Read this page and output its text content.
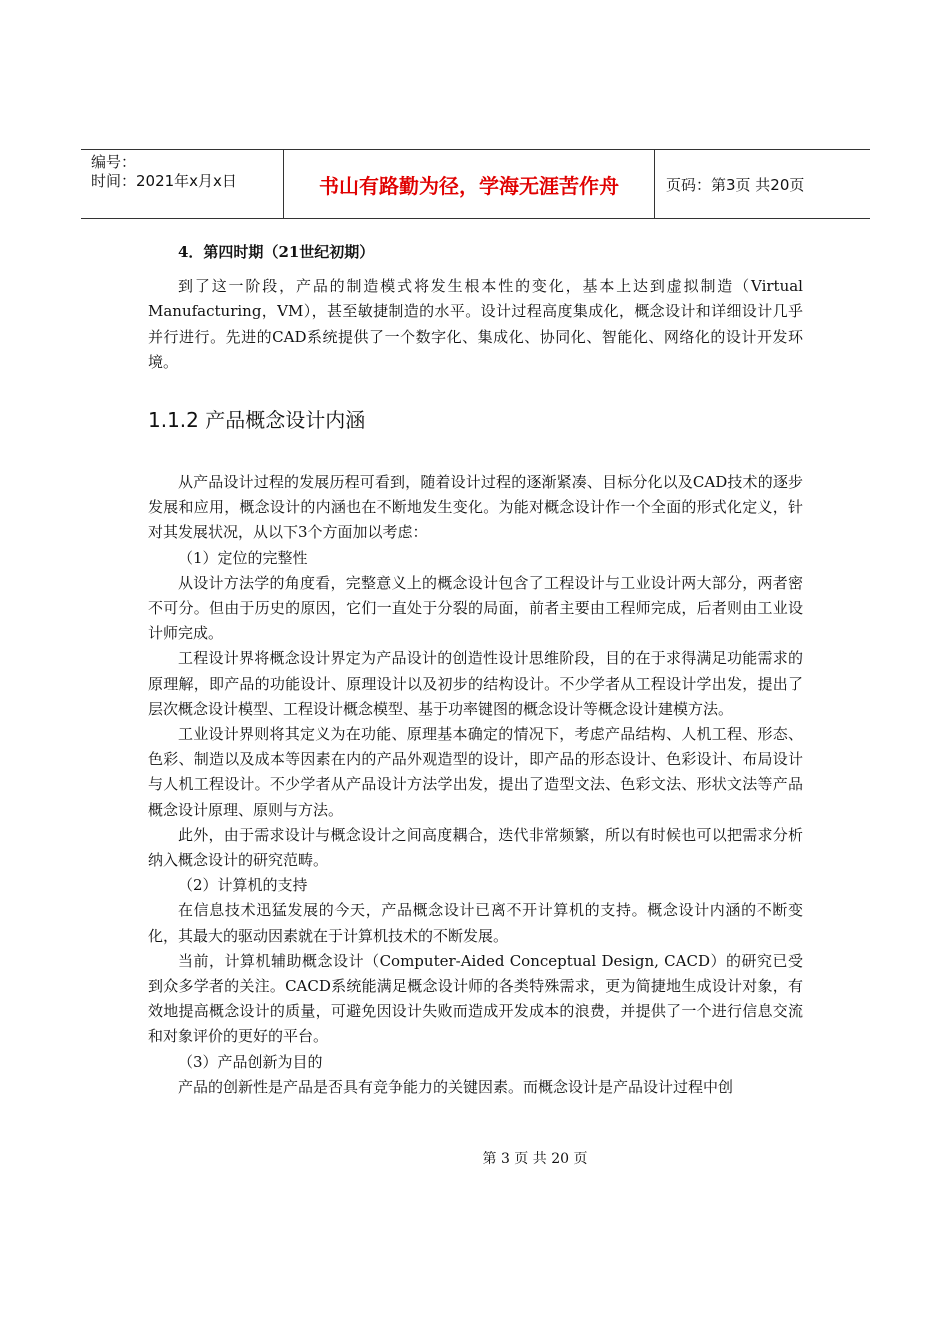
编号：
时间：2021年x月x日	书山有路勤为径，学海无涯苦作舟	页码：第3页 共20页
4．第四时期（21世纪初期）

到了这一阶段，产品的制造模式将发生根本性的变化，基本上达到虚拟制造（Virtual Manufacturing，VM），甚至敏捷制造的水平。设计过程高度集成化，概念设计和详细设计几乎并行进行。先进的CAD系统提供了一个数字化、集成化、协同化、智能化、网络化的设计开发环境。

1.1.2 产品概念设计内涵

从产品设计过程的发展历程可看到，随着设计过程的逐渐紧凑、目标分化以及CAD技术的逐步发展和应用，概念设计的内涵也在不断地发生变化。为能对概念设计作一个全面的形式化定义，针对其发展状况，从以下3个方面加以考虑：

（1）定位的完整性

从设计方法学的角度看，完整意义上的概念设计包含了工程设计与工业设计两大部分，两者密不可分。但由于历史的原因，它们一直处于分裂的局面，前者主要由工程师完成，后者则由工业设计师完成。

工程设计界将概念设计界定为产品设计的创造性设计思维阶段，目的在于求得满足功能需求的原理解，即产品的功能设计、原理设计以及初步的结构设计。不少学者从工程设计学出发，提出了层次概念设计模型、工程设计概念模型、基于功率键图的概念设计等概念设计建模方法。

工业设计界则将其定义为在功能、原理基本确定的情况下，考虑产品结构、人机工程、形态、色彩、制造以及成本等因素在内的产品外观造型的设计，即产品的形态设计、色彩设计、布局设计与人机工程设计。不少学者从产品设计方法学出发，提出了造型文法、色彩文法、形状文法等产品概念设计原理、原则与方法。

此外，由于需求设计与概念设计之间高度耦合，迭代非常频繁，所以有时候也可以把需求分析纳入概念设计的研究范畴。

（2）计算机的支持

在信息技术迅猛发展的今天，产品概念设计已离不开计算机的支持。概念设计内涵的不断变化，其最大的驱动因素就在于计算机技术的不断发展。

当前，计算机辅助概念设计（Computer-Aided Conceptual Design, CACD）的研究已受到众多学者的关注。CACD系统能满足概念设计师的各类特殊需求，更为简捷地生成设计对象，有效地提高概念设计的质量，可避免因设计失败而造成开发成本的浪费，并提供了一个进行信息交流和对象评价的更好的平台。

（3）产品创新为目的

产品的创新性是产品是否具有竞争能力的关键因素。而概念设计是产品设计过程中创

第 3 页 共 20 页
